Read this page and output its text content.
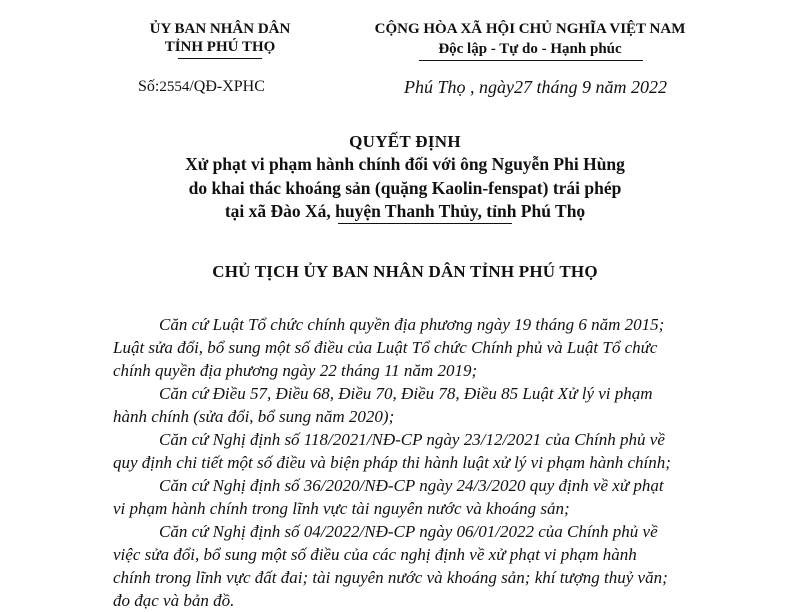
ỦY BAN NHÂN DÂN
TỈNH PHÚ THỌ
CỘNG HÒA XÃ HỘI CHỦ NGHĨA VIỆT NAM
Độc lập - Tự do - Hạnh phúc
Số:2554/QĐ-XPHC	Phú Thọ , ngày27 tháng 9 năm 2022
QUYẾT ĐỊNH
Xử phạt vi phạm hành chính đối với ông Nguyễn Phi Hùng
do khai thác khoáng sản (quặng Kaolin-fenspat) trái phép
tại xã Đào Xá, huyện Thanh Thủy, tỉnh Phú Thọ
CHỦ TỊCH ỦY BAN NHÂN DÂN TỈNH PHÚ THỌ

Căn cứ Luật Tổ chức chính quyền địa phương ngày 19 tháng 6 năm 2015;

Luật sửa đổi, bổ sung một số điều của Luật Tổ chức Chính phủ và Luật Tổ chức

chính quyền địa phương ngày 22 tháng 11 năm 2019;

Căn cứ Điều 57, Điều 68, Điều 70, Điều 78, Điều 85 Luật Xử lý vi phạm

hành chính (sửa đổi, bổ sung năm 2020);

Căn cứ Nghị định số 118/2021/NĐ-CP ngày 23/12/2021 của Chính phủ về

quy định chi tiết một số điều và biện pháp thi hành luật xử lý vi phạm hành chính;

Căn cứ Nghị định số 36/2020/NĐ-CP ngày 24/3/2020 quy định về xử phạt

vi phạm hành chính trong lĩnh vực tài nguyên nước và khoáng sản;

Căn cứ Nghị định số 04/2022/NĐ-CP ngày 06/01/2022 của Chính phủ về

việc sửa đổi, bổ sung một số điều của các nghị định về xử phạt vi phạm hành

chính trong lĩnh vực đất đai; tài nguyên nước và khoáng sản; khí tượng thuỷ văn;

đo đạc và bản đồ.
